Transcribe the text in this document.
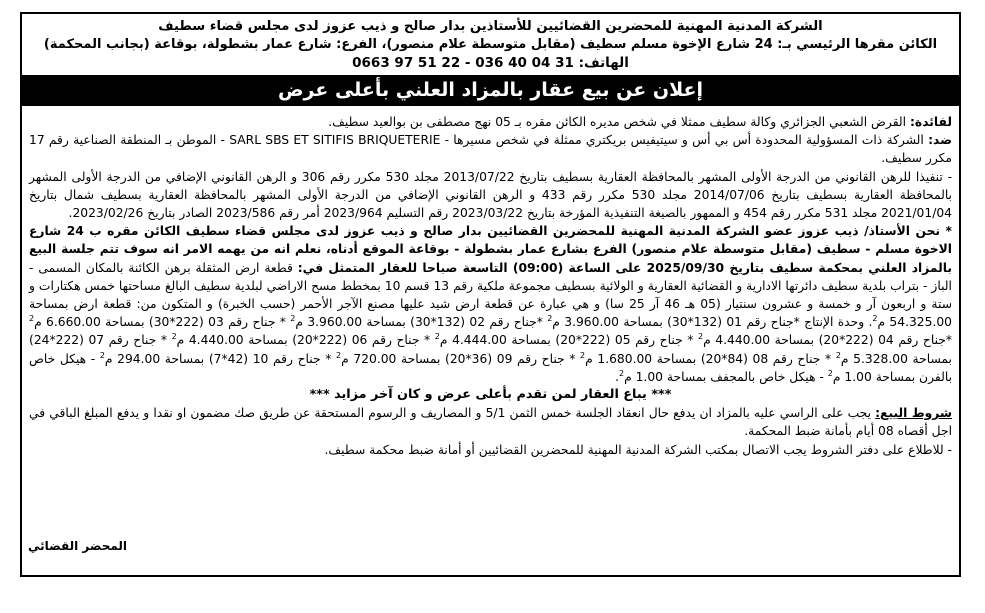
الشركة المدنية المهنية للمحضرين القضائيين للأستاذين بدار صالح و ذيب عزوز لدى مجلس قضاء سطيف
الكائن مقرها الرئيسي بـ: 24 شارع الإخوة مسلم سطيف (مقابل متوسطة علام منصور)، الفرع: شارع عمار بشطولة، بوقاعة (بجانب المحكمة)
الهاتف: 31 04 40 036 - 22 51 97 0663
إعلان عن بيع عقار بالمزاد العلني بأعلى عرض

لفائدة: القرض الشعبي الجزائري وكالة سطيف ممثلا في شخص مديره الكائن مقره بـ 05 نهج مصطفى بن بوالعيد سطيف.

ضد: الشركة ذات المسؤولية المحدودة أس بي أس و سيتيفيس بريكتري ممثلة في شخص مسيرها - SARL SBS ET SITIFIS BRIQUETERIE - الموطن بـ المنطقة الصناعية رقم 17 مكرر سطيف.

- تنفيذا للرهن القانوني من الدرجة الأولى المشهر بالمحافظة العقارية بسطيف بتاريخ 2013/07/22 مجلد 530 مكرر رقم 306 و الرهن القانوني الإضافي من الدرجة الأولى المشهر بالمحافظة العقارية بسطيف بتاريخ 2014/07/06 مجلد 530 مكرر رقم 433 و الرهن القانوني الإضافي من الدرجة الأولى المشهر بالمحافظة العقارية بسطيف شمال بتاريخ 2021/01/04 مجلد 531 مكرر رقم 454 و الممهور بالصيغة التنفيذية المؤرخة بتاريخ 2023/03/22 رقم التسليم 2023/964 أمر رقم 2023/586 الصادر بتاريخ 2023/02/26.

* نحن الأستاذ/ ذيب عزوز عضو الشركة المدنية المهنية للمحضرين القضائيين بدار صالح و ذيب عزوز لدى مجلس قضاء سطيف الكائن مقره ب 24 شارع الاخوة مسلم - سطيف (مقابل متوسطة علام منصور) الفرع بشارع عمار بشطولة - بوقاعة الموقع أدناه، نعلم انه من يهمه الامر انه سوف تتم جلسة البيع بالمزاد العلني بمحكمة سطيف بتاريخ 2025/09/30 على الساعة (09:00) التاسعة صباحا للعقار المتمثل في: قطعة ارض المثقلة برهن الكائنة بالمكان المسمى - الباز - بتراب بلدية سطيف دائرتها الادارية و القضائية العقارية و الولائية بسطيف مجموعة ملكية رقم 13 قسم 10 بمخطط مسح الاراضي لبلدية سطيف البالغ مساحتها خمس هكتارات و ستة و اربعون آر و خمسة و عشرون سنتيار (05 هـ 46 آر 25 سا) و هي عبارة عن قطعة ارض شيد عليها مصنع الآجر الأحمر (حسب الخبرة) و المتكون من: قطعة ارض بمساحة 54.325.00 م$^2$. وحدة الإنتاج *جناح رقم 01 (132*30) بمساحة 3.960.00 م$^2$ *جناح رقم 02 (132*30) بمساحة 3.960.00 م$^2$ * جناح رقم 03 (222*30) بمساحة 6.660.00 م$^2$ *جناح رقم 04 (222*20) بمساحة 4.440.00 م$^2$ * جناح رقم 05 (222*20) بمساحة 4.444.00 م$^2$ * جناح رقم 06 (222*20) بمساحة 4.440.00 م$^2$ * جناح رقم 07 (222*24) بمساحة 5.328.00 م$^2$ * جناح رقم 08 (84*20) بمساحة 1.680.00 م$^2$ * جناح رقم 09 (36*20) بمساحة 720.00 م$^2$ * جناح رقم 10 (42*7) بمساحة 294.00 م$^2$ - هيكل خاص بالفرن بمساحة 1.00 م$^2$ - هيكل خاص بالمجفف بمساحة 1.00 م$^2$.

*** يباع العقار لمن تقدم بأعلى عرض و كان آخر مزايد ***

شروط البيع: يجب على الراسي عليه بالمزاد ان يدفع حال انعقاد الجلسة خمس الثمن 5/1 و المصاريف و الرسوم المستحقة عن طريق صك مضمون او نقدا و يدفع المبلغ الباقي في اجل أقصاه 08 أيام بأمانة ضبط المحكمة.

- للاطلاع على دفتر الشروط يجب الاتصال بمكتب الشركة المدنية المهنية للمحضرين القضائيين أو أمانة ضبط محكمة سطيف.

المحضر القضائي
